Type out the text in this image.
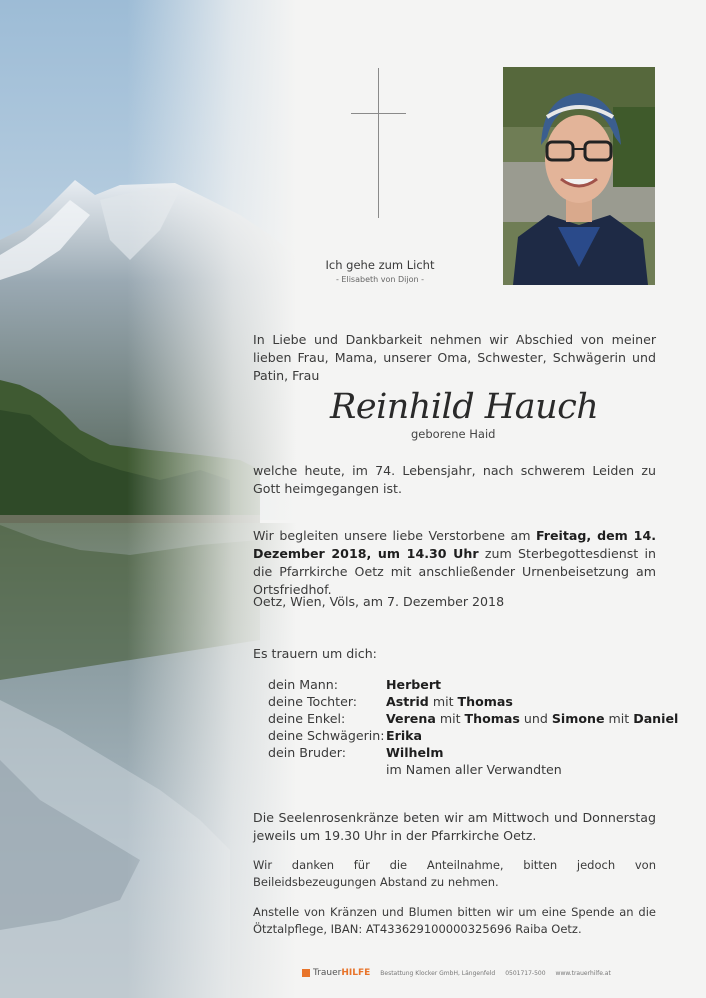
Ich gehe zum Licht
- Elisabeth von Dijon -
In Liebe und Dankbarkeit nehmen wir Abschied von meiner lieben Frau, Mama, unserer Oma, Schwester, Schwägerin und Patin, Frau
Reinhild Hauch
geborene Haid
welche heute, im 74. Lebensjahr, nach schwerem Leiden zu Gott heimgegangen ist.
Wir begleiten unsere liebe Verstorbene am Freitag, dem 14. Dezember 2018, um 14.30 Uhr zum Sterbegottesdienst in die Pfarrkirche Oetz mit anschließender Urnenbeisetzung am Ortsfriedhof.
Oetz, Wien, Völs, am 7. Dezember 2018
Es trauern um dich:
dein Mann:	Herbert
deine Tochter:	Astrid mit Thomas
deine Enkel:	Verena mit Thomas und Simone mit Daniel
deine Schwägerin: Erika
dein Bruder:	Wilhelm
im Namen aller Verwandten
Die Seelenrosenkränze beten wir am Mittwoch und Donnerstag jeweils um 19.30 Uhr in der Pfarrkirche Oetz.
Wir danken für die Anteilnahme, bitten jedoch von Beileidsbezeugungen Abstand zu nehmen.
Anstelle von Kränzen und Blumen bitten wir um eine Spende an die Ötztalpflege, IBAN: AT433629100000325696 Raiba Oetz.
Trauer HILFE Bestattung Klocker GmbH, Längenfeld 0501717-500 www.trauerhilfe.at
